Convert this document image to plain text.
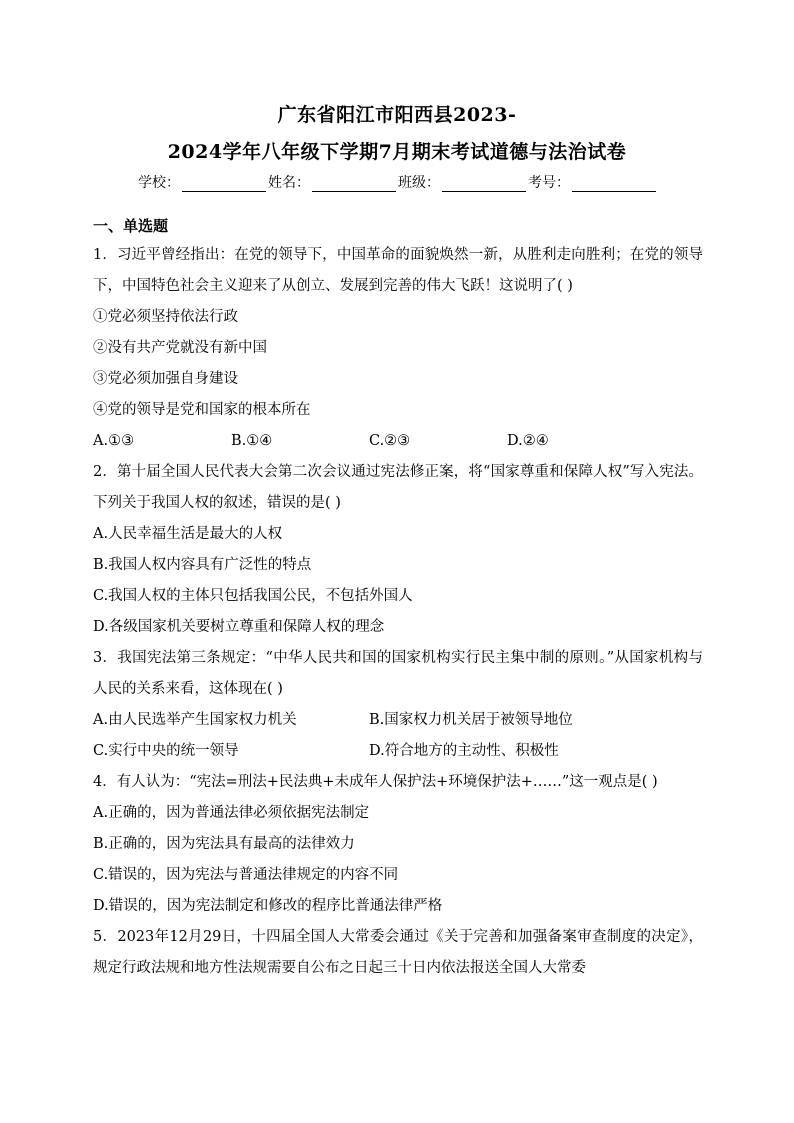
广东省阳江市阳西县2023-
2024学年八年级下学期7月期末考试道德与法治试卷
学校：	姓名：	班级：	考号：
一、单选题

1．习近平曾经指出：在党的领导下，中国革命的面貌焕然一新，从胜利走向胜利；在党的领导下，中国特色社会主义迎来了从创立、发展到完善的伟大飞跃！这说明了( )

①党必须坚持依法行政

②没有共产党就没有新中国

③党必须加强自身建设

④党的领导是党和国家的根本所在

A.①③	B.①④	C.②③	D.②④

2．第十届全国人民代表大会第二次会议通过宪法修正案，将“国家尊重和保障人权”写入宪法。下列关于我国人权的叙述，错误的是( )

A.人民幸福生活是最大的人权

B.我国人权内容具有广泛性的特点

C.我国人权的主体只包括我国公民，不包括外国人

D.各级国家机关要树立尊重和保障人权的理念

3．我国宪法第三条规定：“中华人民共和国的国家机构实行民主集中制的原则。”从国家机构与人民的关系来看，这体现在( )

A.由人民选举产生国家权力机关	B.国家权力机关居于被领导地位
C.实行中央的统一领导	D.符合地方的主动性、积极性

4．有人认为：“宪法=刑法+民法典+未成年人保护法+环境保护法+……”这一观点是( )

A.正确的，因为普通法律必须依据宪法制定

B.正确的，因为宪法具有最高的法律效力

C.错误的，因为宪法与普通法律规定的内容不同

D.错误的，因为宪法制定和修改的程序比普通法律严格

5．2023年12月29日，十四届全国人大常委会通过《关于完善和加强备案审查制度的决定》，规定行政法规和地方性法规需要自公布之日起三十日内依法报送全国人大常委
